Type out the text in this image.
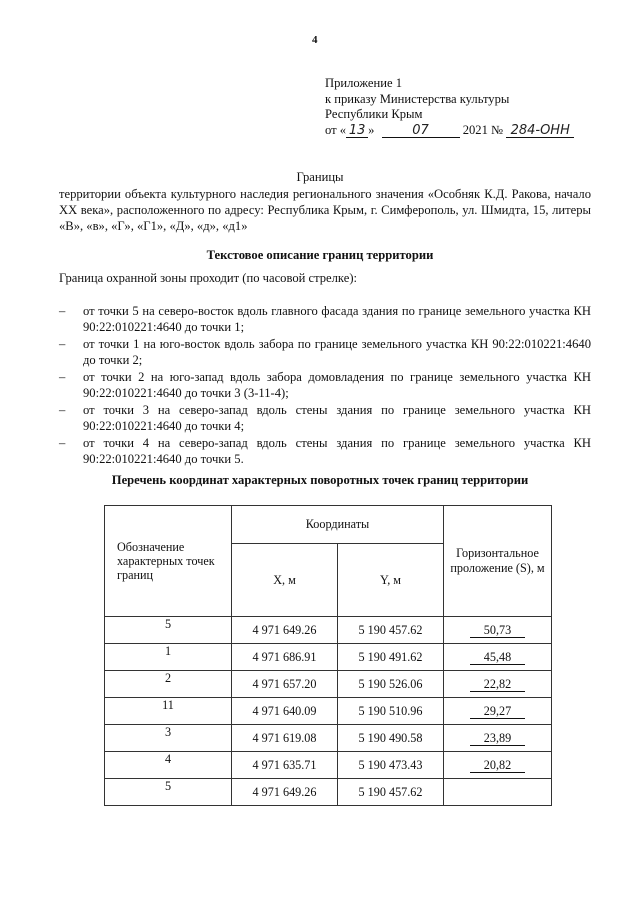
4
Приложение 1
к приказу Министерства культуры
Республики Крым
от « 13 »	07	2021 № 284-ОНН
Границы
территории объекта культурного наследия регионального значения «Особняк К.Д. Ракова, начало XX века», расположенного по адресу: Республика Крым, г. Симферополь, ул. Шмидта, 15, литеры «В», «в», «Г», «Г1», «Д», «д», «д1»
Текстовое описание границ территории
Граница охранной зоны проходит (по часовой стрелке):
– от точки 5 на северо-восток вдоль главного фасада здания по границе земельного участка КН 90:22:010221:4640 до точки 1;
– от точки 1 на юго-восток вдоль забора по границе земельного участка КН 90:22:010221:4640 до точки 2;
– от точки 2 на юго-запад вдоль забора домовладения по границе земельного участка КН 90:22:010221:4640 до точки 3 (3-11-4);
– от точки 3 на северо-запад вдоль стены здания по границе земельного участка КН 90:22:010221:4640 до точки 4;
– от точки 4 на северо-запад вдоль стены здания по границе земельного участка КН 90:22:010221:4640 до точки 5.
Перечень координат характерных поворотных точек границ территории
Обозначение характерных точек границ	Координаты		Горизонтальное проложение (S), м
	X, м	Y, м	
5	4 971 649.26	5 190 457.62	50,73
1	4 971 686.91	5 190 491.62	45,48
2	4 971 657.20	5 190 526.06	22,82
11	4 971 640.09	5 190 510.96	29,27
3	4 971 619.08	5 190 490.58	23,89
4	4 971 635.71	5 190 473.43	20,82
5	4 971 649.26	5 190 457.62	
